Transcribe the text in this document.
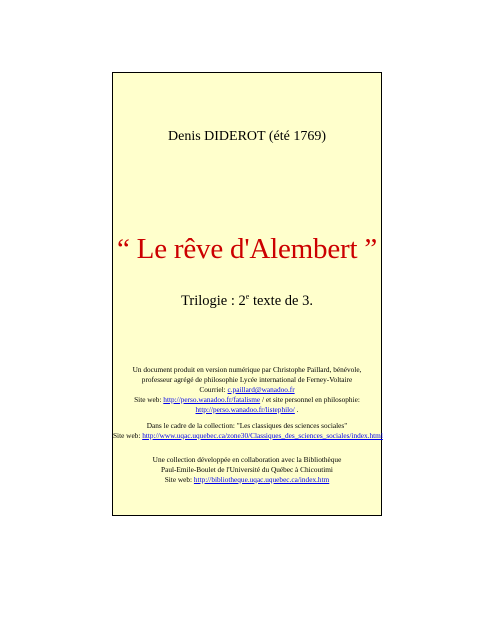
Denis DIDEROT (été 1769)
“ Le rêve d'Alembert ”
Trilogie : 2e texte de 3.
Un document produit en version numérique par Christophe Paillard, bénévole,
professeur agrégé de philosophie Lycée international de Ferney-Voltaire
Courriel: c.paillard@wanadoo.fr
Site web: http://perso.wanadoo.fr/fatalisme / et site personnel en philosophie:
http://perso.wanadoo.fr/listephilo/ .
Dans le cadre de la collection: "Les classiques des sciences sociales"
Site web: http://www.uqac.uquebec.ca/zone30/Classiques_des_sciences_sociales/index.html
Une collection développée en collaboration avec la Bibliothèque
Paul-Emile-Boulet de l'Université du Québec à Chicoutimi
Site web: http://bibliotheque.uqac.uquebec.ca/index.htm
